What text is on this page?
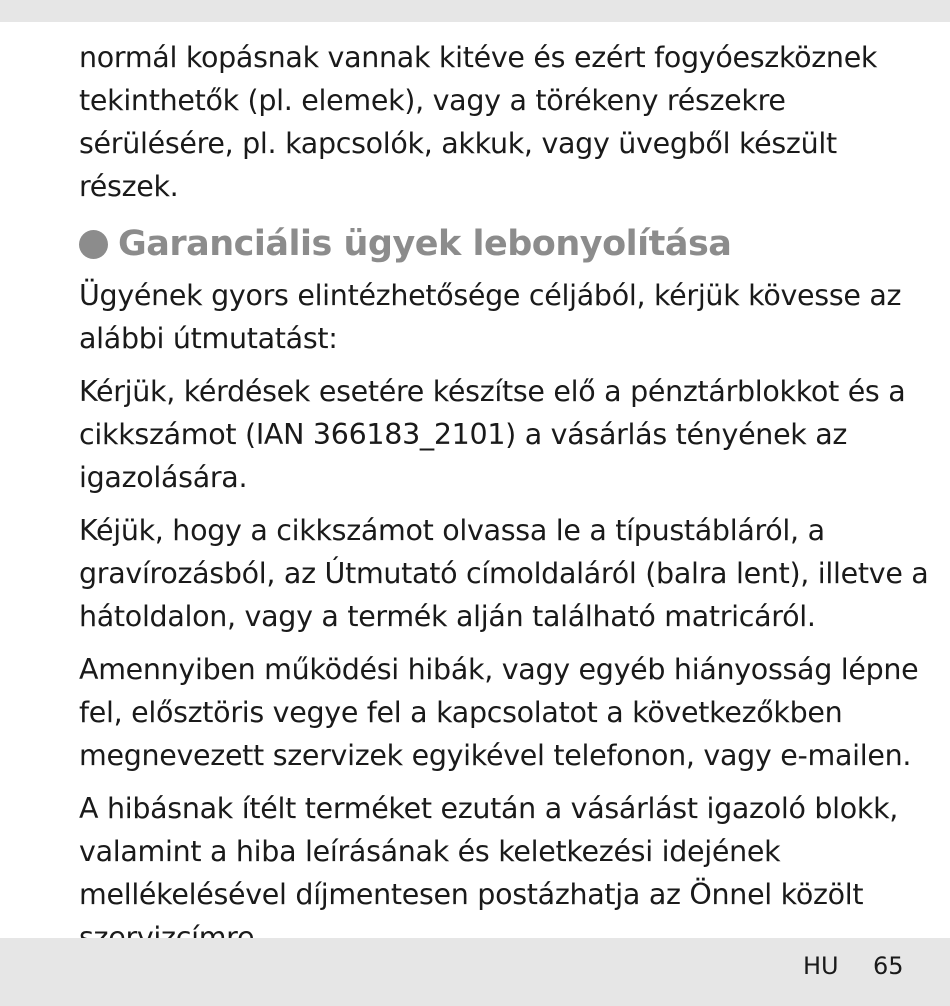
normál kopásnak vannak kitéve és ezért fogyóeszköznek tekinthetők (pl. elemek), vagy a törékeny részekre sérülésére, pl. kapcsolók, akkuk, vagy üvegből készült részek.

Garanciális ügyek lebonyolítása

Ügyének gyors elintézhetősége céljából, kérjük kövesse az alábbi útmutatást:

Kérjük, kérdések esetére készítse elő a pénztárblokkot és a cikkszámot (IAN 366183_2101) a vásárlás tényének az igazolására.

Kéjük, hogy a cikkszámot olvassa le a típustábláról, a gravírozásból, az Útmutató címoldaláról (balra lent), illetve a hátoldalon, vagy a termék alján található matricáról.

Amennyiben működési hibák, vagy egyéb hiányosság lépne fel, elősztöris vegye fel a kapcsolatot a következőkben megnevezett szervizek egyikével telefonon, vagy e-mailen.

A hibásnak ítélt terméket ezután a vásárlást igazoló blokk, valamint a hiba leírásának és keletkezési idejének mellékelésével díjmentesen postázhatja az Önnel közölt

HU 65
